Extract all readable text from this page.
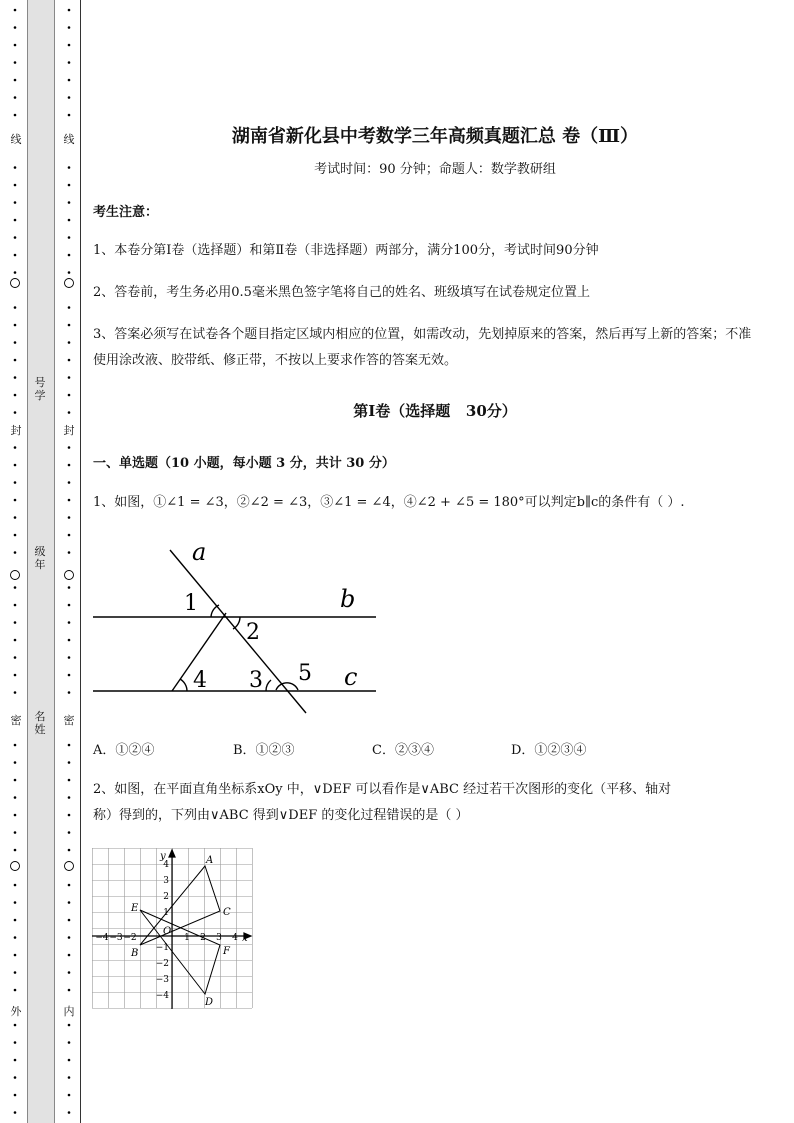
线
封
密
外
线
封
密
内
号学
级年
名姓
湖南省新化县中考数学三年高频真题汇总 卷（Ⅲ）
考试时间：90 分钟；命题人：数学教研组
考生注意：
1、本卷分第Ⅰ卷（选择题）和第Ⅱ卷（非选择题）两部分，满分100分，考试时间90分钟
2、答卷前，考生务必用0.5毫米黑色签字笔将自己的姓名、班级填写在试卷规定位置上
3、答案必须写在试卷各个题目指定区域内相应的位置，如需改动，先划掉原来的答案，然后再写上新的答案；不准使用涂改液、胶带纸、修正带，不按以上要求作答的答案无效。
第Ⅰ卷（选择题   30分）
一、单选题（10 小题，每小题 3 分，共计 30 分）
1、如图，①∠1 = ∠3，②∠2 = ∠3，③∠1 = ∠4，④∠2 + ∠5 = 180°可以判定b∥c的条件有（ ）.
a
b
c
1
2
3
4	5
A．①②④	B．①②③	C．②③④	D．①②③④
2、如图，在平面直角坐标系xOy 中，∨DEF 可以看作是∨ABC 经过若干次图形的变化（平移、轴对
称）得到的，下列由∨ABC 得到∨DEF 的变化过程错误的是（ ）
A
B
C
D
E
F
x
y
O
−4 −3 −2	1 2 3 4
4
3
2
1
−1
−2
−3
−4
